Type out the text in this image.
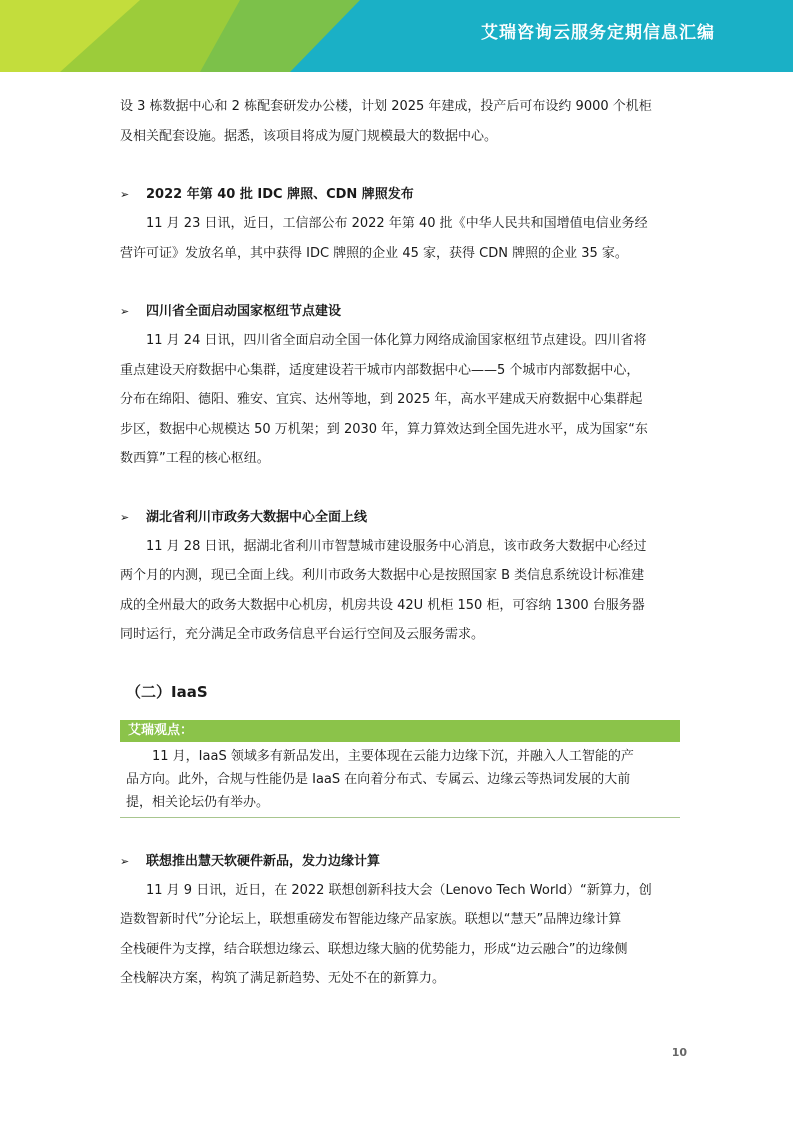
艾瑞咨询云服务定期信息汇编

设 3 栋数据中心和 2 栋配套研发办公楼，计划 2025 年建成，投产后可布设约 9000 个机柜

及相关配套设施。据悉，该项目将成为厦门规模最大的数据中心。

➢	2022 年第 40 批 IDC 牌照、CDN 牌照发布

11 月 23 日讯，近日，工信部公布 2022 年第 40 批《中华人民共和国增值电信业务经

营许可证》发放名单，其中获得 IDC 牌照的企业 45 家，获得 CDN 牌照的企业 35 家。

➢	四川省全面启动国家枢纽节点建设

11 月 24 日讯，四川省全面启动全国一体化算力网络成渝国家枢纽节点建设。四川省将

重点建设天府数据中心集群，适度建设若干城市内部数据中心——5 个城市内部数据中心，

分布在绵阳、德阳、雅安、宜宾、达州等地，到 2025 年，高水平建成天府数据中心集群起

步区，数据中心规模达 50 万机架；到 2030 年，算力算效达到全国先进水平，成为国家“东

数西算”工程的核心枢纽。

➢	湖北省利川市政务大数据中心全面上线

11 月 28 日讯，据湖北省利川市智慧城市建设服务中心消息，该市政务大数据中心经过

两个月的内测，现已全面上线。利川市政务大数据中心是按照国家 B 类信息系统设计标准建

成的全州最大的政务大数据中心机房，机房共设 42U 机柜 150 柜，可容纳 1300 台服务器

同时运行，充分满足全市政务信息平台运行空间及云服务需求。

（二）IaaS
艾瑞观点：

11 月，IaaS 领域多有新品发出，主要体现在云能力边缘下沉，并融入人工智能的产

品方向。此外，合规与性能仍是 IaaS 在向着分布式、专属云、边缘云等热词发展的大前

提，相关论坛仍有举办。

➢	联想推出慧天软硬件新品，发力边缘计算

11 月 9 日讯，近日，在 2022 联想创新科技大会（Lenovo Tech World）“新算力，创

造数智新时代”分论坛上，联想重磅发布智能边缘产品家族。联想以“慧天”品牌边缘计算

全栈硬件为支撑，结合联想边缘云、联想边缘大脑的优势能力，形成“边云融合”的边缘侧

全栈解决方案，构筑了满足新趋势、无处不在的新算力。

10
